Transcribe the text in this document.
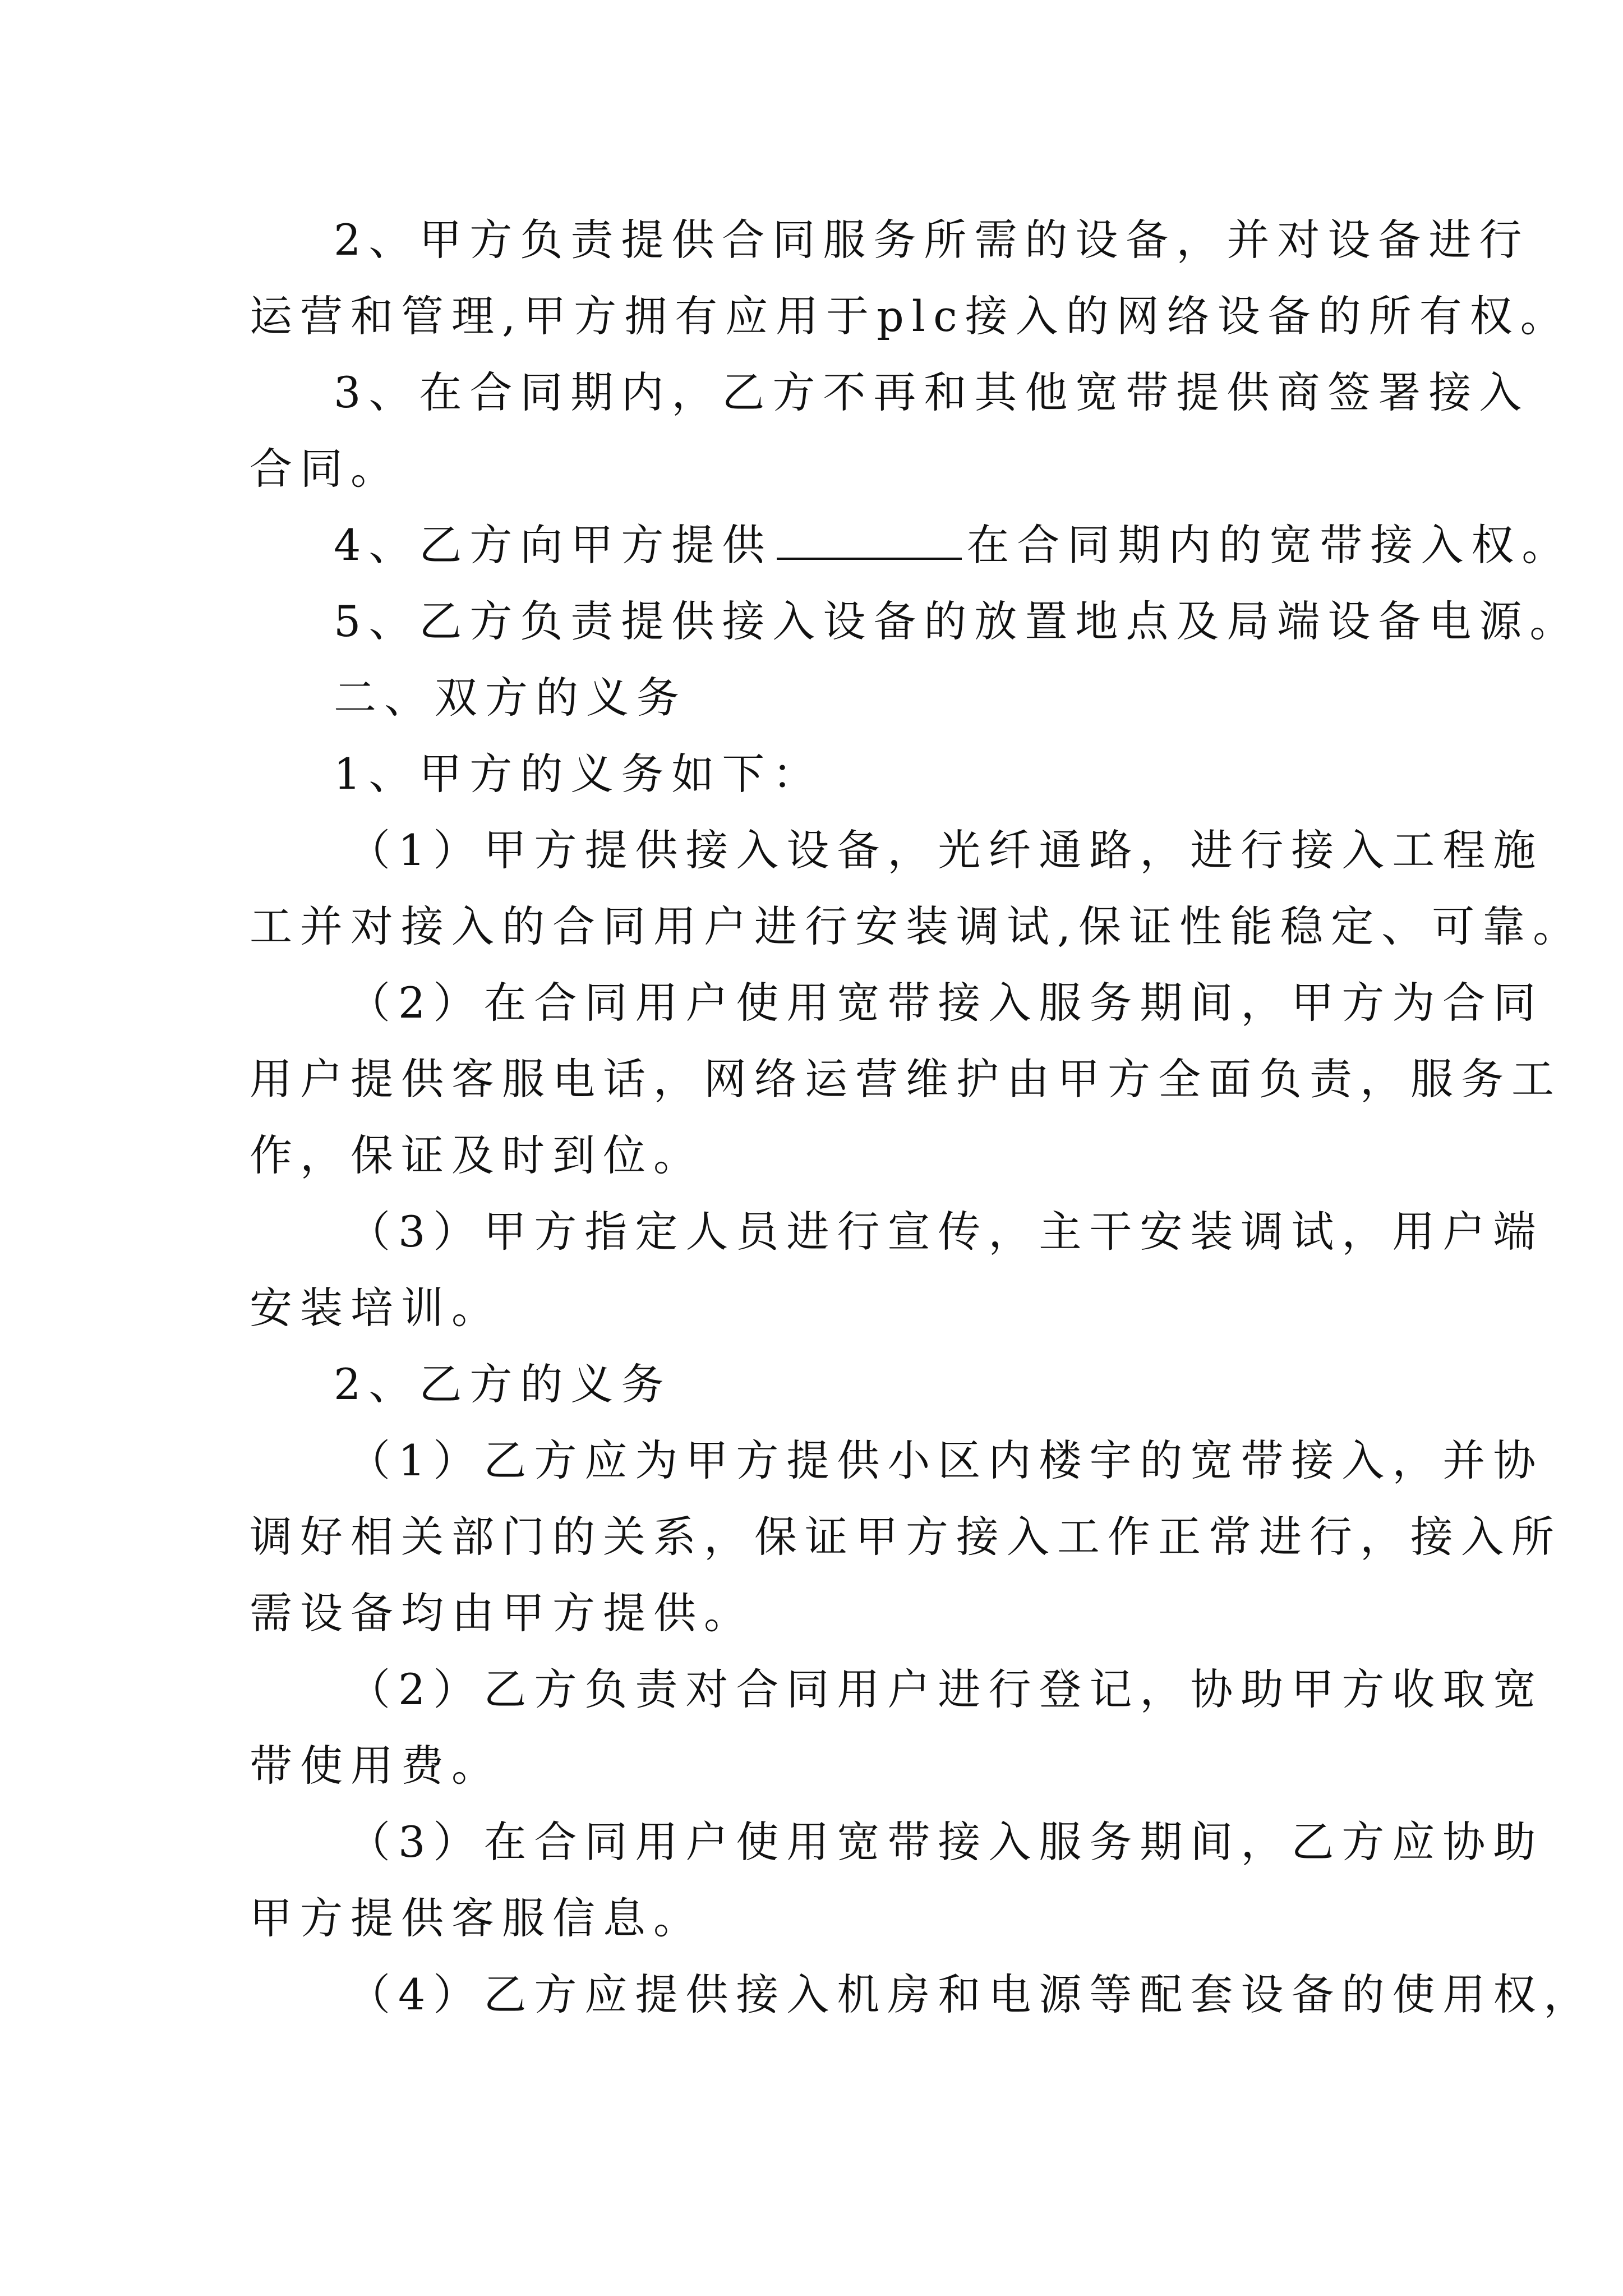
2、甲方负责提供合同服务所需的设备，并对设备进行
运营和管理,甲方拥有应用于plc接入的网络设备的所有权。
3、在合同期内，乙方不再和其他宽带提供商签署接入
合同。
4、乙方向甲方提供	在合同期内的宽带接入权。
5、乙方负责提供接入设备的放置地点及局端设备电源。
二、双方的义务
1、甲方的义务如下：
（1）甲方提供接入设备，光纤通路，进行接入工程施
工并对接入的合同用户进行安装调试,保证性能稳定、可靠。
（2）在合同用户使用宽带接入服务期间，甲方为合同
用户提供客服电话，网络运营维护由甲方全面负责，服务工
作，保证及时到位。
（3）甲方指定人员进行宣传，主干安装调试，用户端
安装培训。
2、乙方的义务
（1）乙方应为甲方提供小区内楼宇的宽带接入，并协
调好相关部门的关系，保证甲方接入工作正常进行，接入所
需设备均由甲方提供。
（2）乙方负责对合同用户进行登记，协助甲方收取宽
带使用费。
（3）在合同用户使用宽带接入服务期间，乙方应协助
甲方提供客服信息。
（4）乙方应提供接入机房和电源等配套设备的使用权，
